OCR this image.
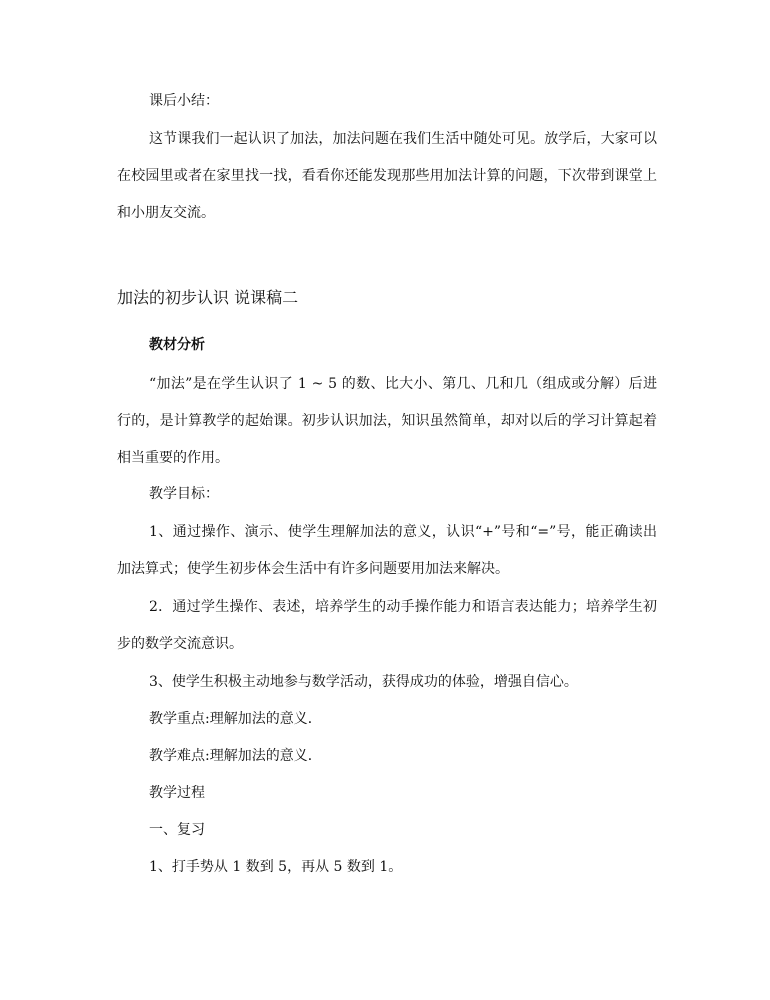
课后小结：

这节课我们一起认识了加法，加法问题在我们生活中随处可见。放学后，大家可以在校园里或者在家里找一找，看看你还能发现那些用加法计算的问题，下次带到课堂上和小朋友交流。

加法的初步认识 说课稿二

教材分析

“加法”是在学生认识了 1 ~ 5 的数、比大小、第几、几和几（组成或分解）后进行的，是计算教学的起始课。初步认识加法，知识虽然简单，却对以后的学习计算起着相当重要的作用。

教学目标：

1、通过操作、演示、使学生理解加法的意义，认识“+”号和“=”号，能正确读出加法算式；使学生初步体会生活中有许多问题要用加法来解决。

2．通过学生操作、表述，培养学生的动手操作能力和语言表达能力；培养学生初步的数学交流意识。

3、使学生积极主动地参与数学活动，获得成功的体验，增强自信心。

教学重点:理解加法的意义．

教学难点:理解加法的意义．

教学过程

一、复习

1、打手势从 1 数到 5，再从 5 数到 1。
